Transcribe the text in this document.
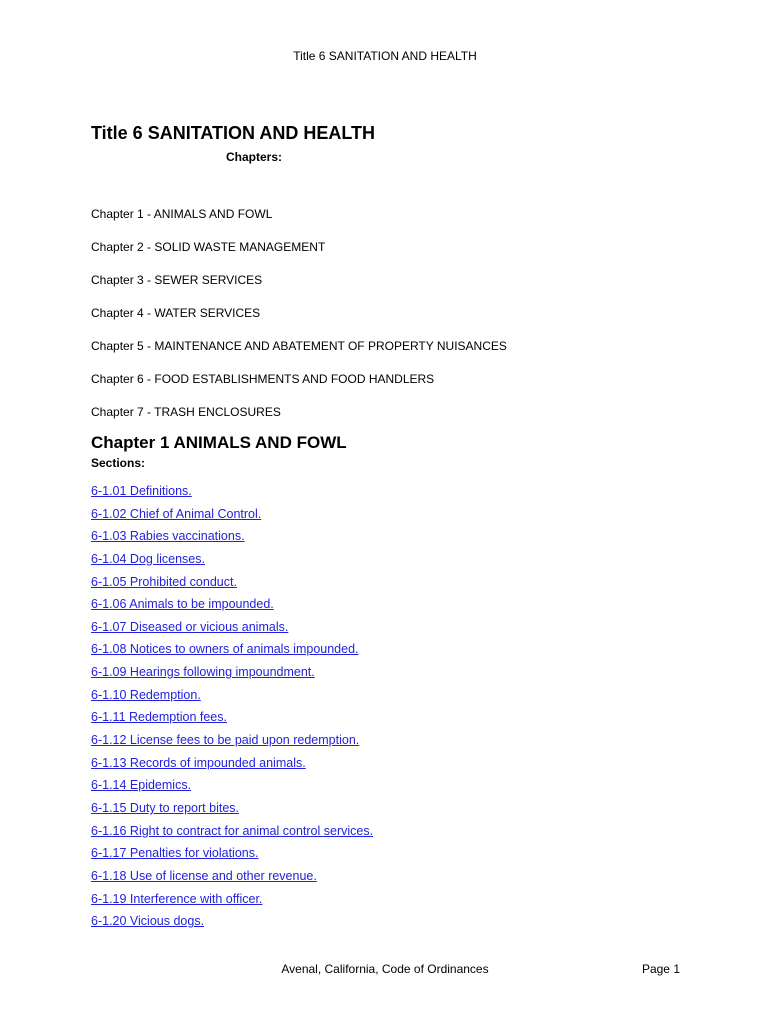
Title 6 SANITATION AND HEALTH
Title 6 SANITATION AND HEALTH
Chapters:
Chapter 1 - ANIMALS AND FOWL
Chapter 2 - SOLID WASTE MANAGEMENT
Chapter 3 - SEWER SERVICES
Chapter 4 - WATER SERVICES
Chapter 5 - MAINTENANCE AND ABATEMENT OF PROPERTY NUISANCES
Chapter 6 - FOOD ESTABLISHMENTS AND FOOD HANDLERS
Chapter 7 - TRASH ENCLOSURES
Chapter 1 ANIMALS AND FOWL
Sections:
6-1.01 Definitions.
6-1.02 Chief of Animal Control.
6-1.03 Rabies vaccinations.
6-1.04 Dog licenses.
6-1.05 Prohibited conduct.
6-1.06 Animals to be impounded.
6-1.07 Diseased or vicious animals.
6-1.08 Notices to owners of animals impounded.
6-1.09 Hearings following impoundment.
6-1.10 Redemption.
6-1.11 Redemption fees.
6-1.12 License fees to be paid upon redemption.
6-1.13 Records of impounded animals.
6-1.14 Epidemics.
6-1.15 Duty to report bites.
6-1.16 Right to contract for animal control services.
6-1.17 Penalties for violations.
6-1.18 Use of license and other revenue.
6-1.19 Interference with officer.
6-1.20 Vicious dogs.
Avenal, California, Code of Ordinances	Page 1
